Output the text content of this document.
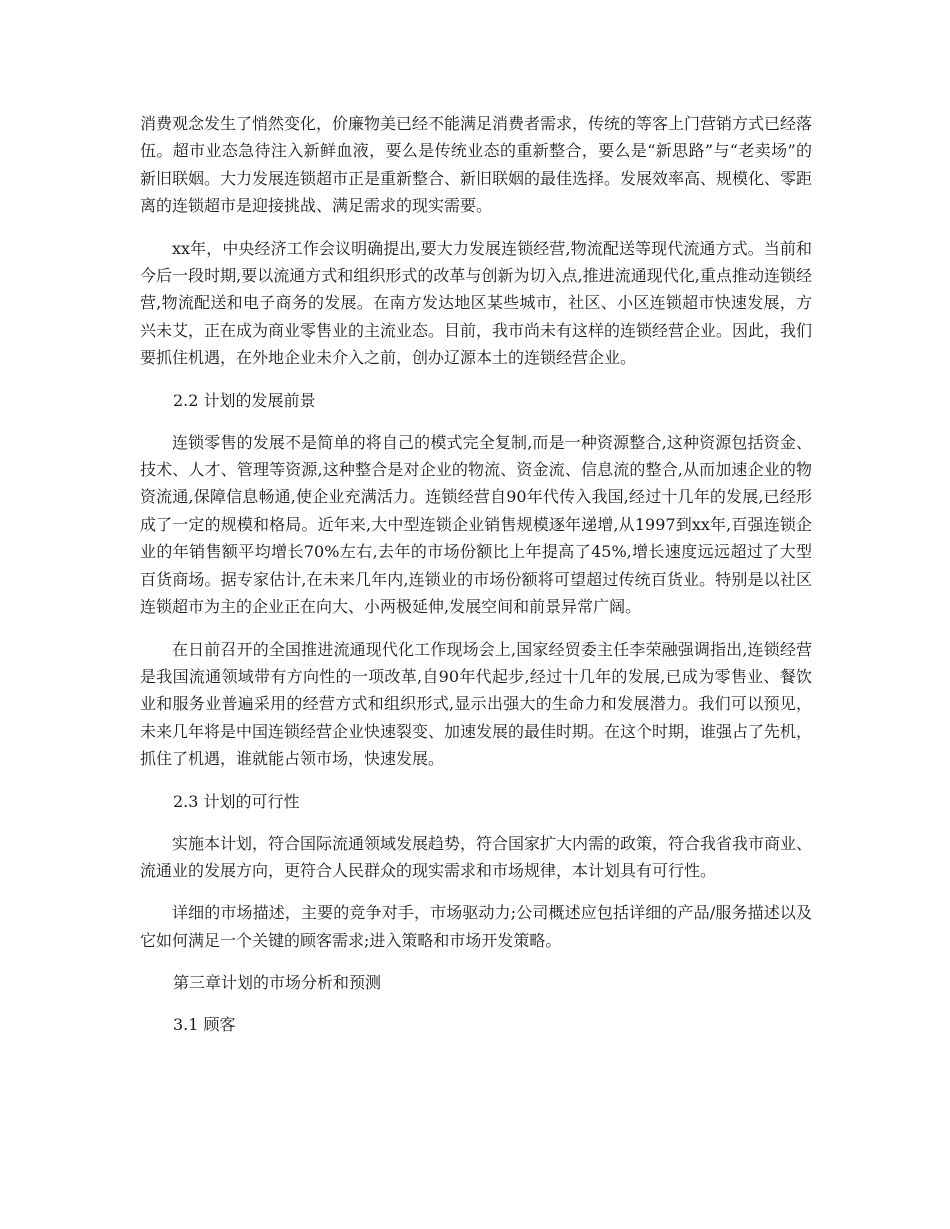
消费观念发生了悄然变化，价廉物美已经不能满足消费者需求，传统的等客上门营销方式已经落伍。超市业态急待注入新鲜血液，要么是传统业态的重新整合，要么是“新思路”与“老卖场”的新旧联姻。大力发展连锁超市正是重新整合、新旧联姻的最佳选择。发展效率高、规模化、零距离的连锁超市是迎接挑战、满足需求的现实需要。

xx年，中央经济工作会议明确提出,要大力发展连锁经营,物流配送等现代流通方式。当前和今后一段时期,要以流通方式和组织形式的改革与创新为切入点,推进流通现代化,重点推动连锁经营,物流配送和电子商务的发展。在南方发达地区某些城市，社区、小区连锁超市快速发展，方兴未艾，正在成为商业零售业的主流业态。目前，我市尚未有这样的连锁经营企业。因此，我们要抓住机遇，在外地企业未介入之前，创办辽源本土的连锁经营企业。

2.2 计划的发展前景

连锁零售的发展不是简单的将自己的模式完全复制,而是一种资源整合,这种资源包括资金、技术、人才、管理等资源,这种整合是对企业的物流、资金流、信息流的整合,从而加速企业的物资流通,保障信息畅通,使企业充满活力。连锁经营自90年代传入我国,经过十几年的发展,已经形成了一定的规模和格局。近年来,大中型连锁企业销售规模逐年递增,从1997到xx年,百强连锁企业的年销售额平均增长70%左右,去年的市场份额比上年提高了45%,增长速度远远超过了大型百货商场。据专家估计,在未来几年内,连锁业的市场份额将可望超过传统百货业。特别是以社区连锁超市为主的企业正在向大、小两极延伸,发展空间和前景异常广阔。

在日前召开的全国推进流通现代化工作现场会上,国家经贸委主任李荣融强调指出,连锁经营是我国流通领域带有方向性的一项改革,自90年代起步,经过十几年的发展,已成为零售业、餐饮业和服务业普遍采用的经营方式和组织形式,显示出强大的生命力和发展潜力。我们可以预见，未来几年将是中国连锁经营企业快速裂变、加速发展的最佳时期。在这个时期，谁强占了先机，抓住了机遇，谁就能占领市场，快速发展。

2.3 计划的可行性

实施本计划，符合国际流通领域发展趋势，符合国家扩大内需的政策，符合我省我市商业、流通业的发展方向，更符合人民群众的现实需求和市场规律，本计划具有可行性。

详细的市场描述，主要的竞争对手，市场驱动力;公司概述应包括详细的产品/服务描述以及它如何满足一个关键的顾客需求;进入策略和市场开发策略。

第三章计划的市场分析和预测

3.1 顾客
